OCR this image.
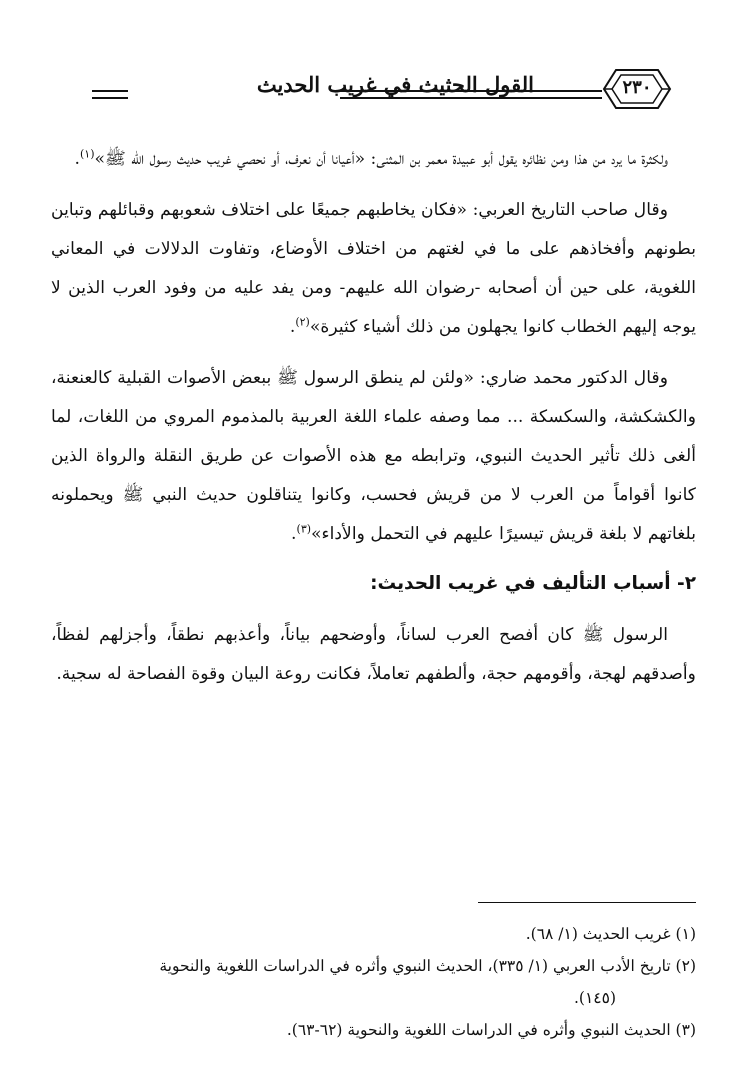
القول الحثيث في غريب الحديث	٢٣٠

ولكثرة ما يرد من هذا ومن نظائره يقول أبو عبيدة معمر بن المثنى: «أعيانا أن نعرف، أو نحصي غريب حديث رسول الله ﷺ»$^{(١)}$.

وقال صاحب التاريخ العربي: «فكان يخاطبهم جميعًا على اختلاف شعوبهم وقبائلهم وتباين بطونهم وأفخاذهم على ما في لغتهم من اختلاف الأوضاع، وتفاوت الدلالات في المعاني اللغوية، على حين أن أصحابه -رضوان الله عليهم- ومن يفد عليه من وفود العرب الذين لا يوجه إليهم الخطاب كانوا يجهلون من ذلك أشياء كثيرة»$^{(٢)}$.

وقال الدكتور محمد ضاري: «ولئن لم ينطق الرسول ﷺ ببعض الأصوات القبلية كالعنعنة، والكشكشة، والسكسكة ... مما وصفه علماء اللغة العربية بالمذموم المروي من اللغات، لما ألغى ذلك تأثير الحديث النبوي، وترابطه مع هذه الأصوات عن طريق النقلة والرواة الذين كانوا أقواماً من العرب لا من قريش فحسب، وكانوا يتناقلون حديث النبي ﷺ ويحملونه بلغاتهم لا بلغة قريش تيسيرًا عليهم في التحمل والأداء»$^{(٣)}$.

٢- أسباب التأليف في غريب الحديث:

الرسول ﷺ كان أفصح العرب لساناً، وأوضحهم بياناً، وأعذبهم نطقاً، وأجزلهم لفظاً، وأصدقهم لهجة، وأقومهم حجة، وألطفهم تعاملاً، فكانت روعة البيان وقوة الفصاحة له سجية.

(١) غريب الحديث (١/ ٦٨).

(٢) تاريخ الأدب العربي (١/ ٣٣٥)، الحديث النبوي وأثره في الدراسات اللغوية والنحوية

(١٤٥).

(٣) الحديث النبوي وأثره في الدراسات اللغوية والنحوية (٦٢-٦٣).
